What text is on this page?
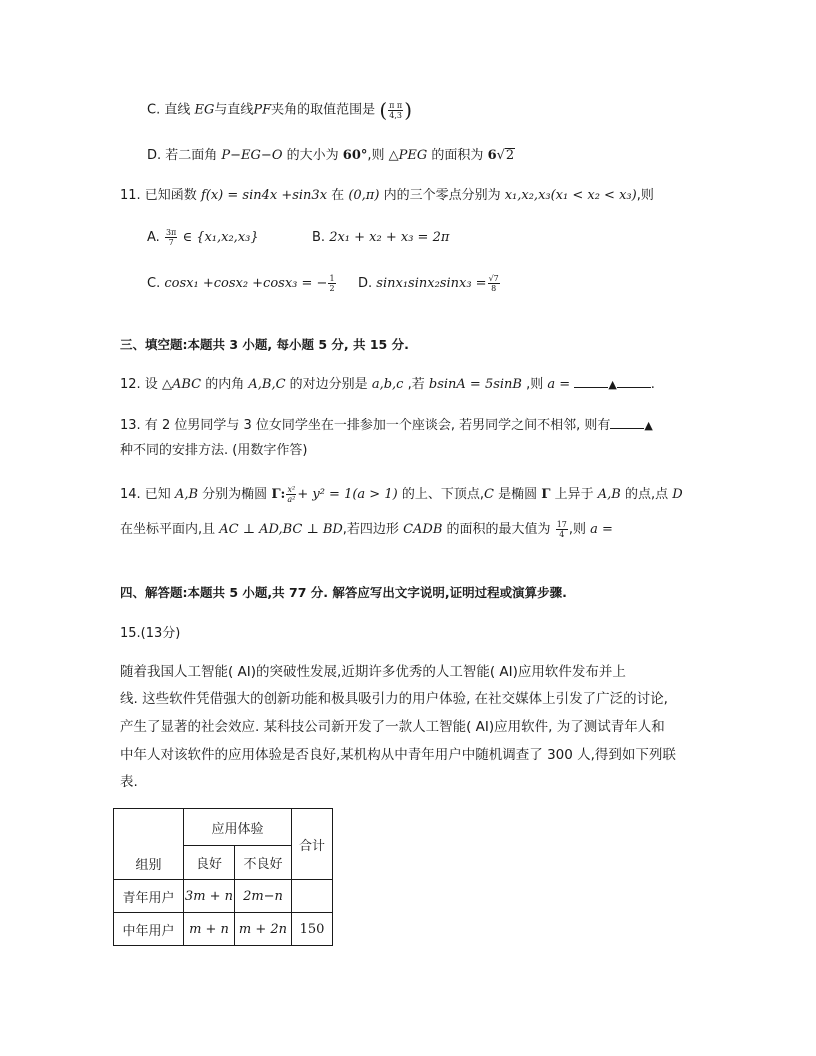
C. 直线 EG与直线PF夹角的取值范围是 ( $\frac{\text{π π}}{4,3}$ )
D. 若二面角 P−EG−O 的大小为 60°,则 △PEG 的面积为 6√2
11. 已知函数 f(x) = sin4x +sin3x 在 (0,π) 内的三个零点分别为 x₁,x₂,x₃(x₁ < x₂ < x₃),则
A. $\frac{3\pi}{7}$ ∈ {x₁,x₂,x₃}	B. 2x₁ + x₂ + x₃ = 2π
C. cosx₁ +cosx₂ +cosx₃ = − $\frac{1}{2} D$. $\sin x_1\sin x_2\sin x_3 = \frac{√7}{8}$
三、填空题:本题共 3 小题, 每小题 5 分, 共 15 分.
12. 设 △ABC 的内角 A,B,C 的对边分别是 a,b,c ,若 bsinA = 5sinB ,则 a =	▲	.
13. 有 2 位男同学与 3 位女同学坐在一排参加一个座谈会, 若男同学之间不相邻, 则有	▲
种不同的安排方法. (用数字作答)
14. 已知 A,B 分别为椭圆 Γ: $\frac{\text{x²}}{\text{a²}} + y^2 = 1(a > 1)$ 的上、下顶点,C 是椭圆 Γ 上异于 A,B 的点,点 D
在坐标平面内,且 AC ⊥ AD,BC ⊥ BD,若四边形 CADB 的面积的最大值为 $\frac{17}{4}$ ,则 a =
四、解答题:本题共 5 小题,共 77 分. 解答应写出文字说明,证明过程或演算步骤.
15.(13分)
随着我国人工智能( AI)的突破性发展,近期许多优秀的人工智能( AI)应用软件发布并上
线. 这些软件凭借强大的创新功能和极具吸引力的用户体验, 在社交媒体上引发了广泛的讨论,
产生了显著的社会效应. 某科技公司新开发了一款人工智能( AI)应用软件, 为了测试青年人和
中年人对该软件的应用体验是否良好,某机构从中青年用户中随机调查了 300 人,得到如下列联
表.
组别	应用体验		合计
	良好	不良好	
青年用户	3m + n	2m−n	
中年用户	m + n	m + 2n	150
